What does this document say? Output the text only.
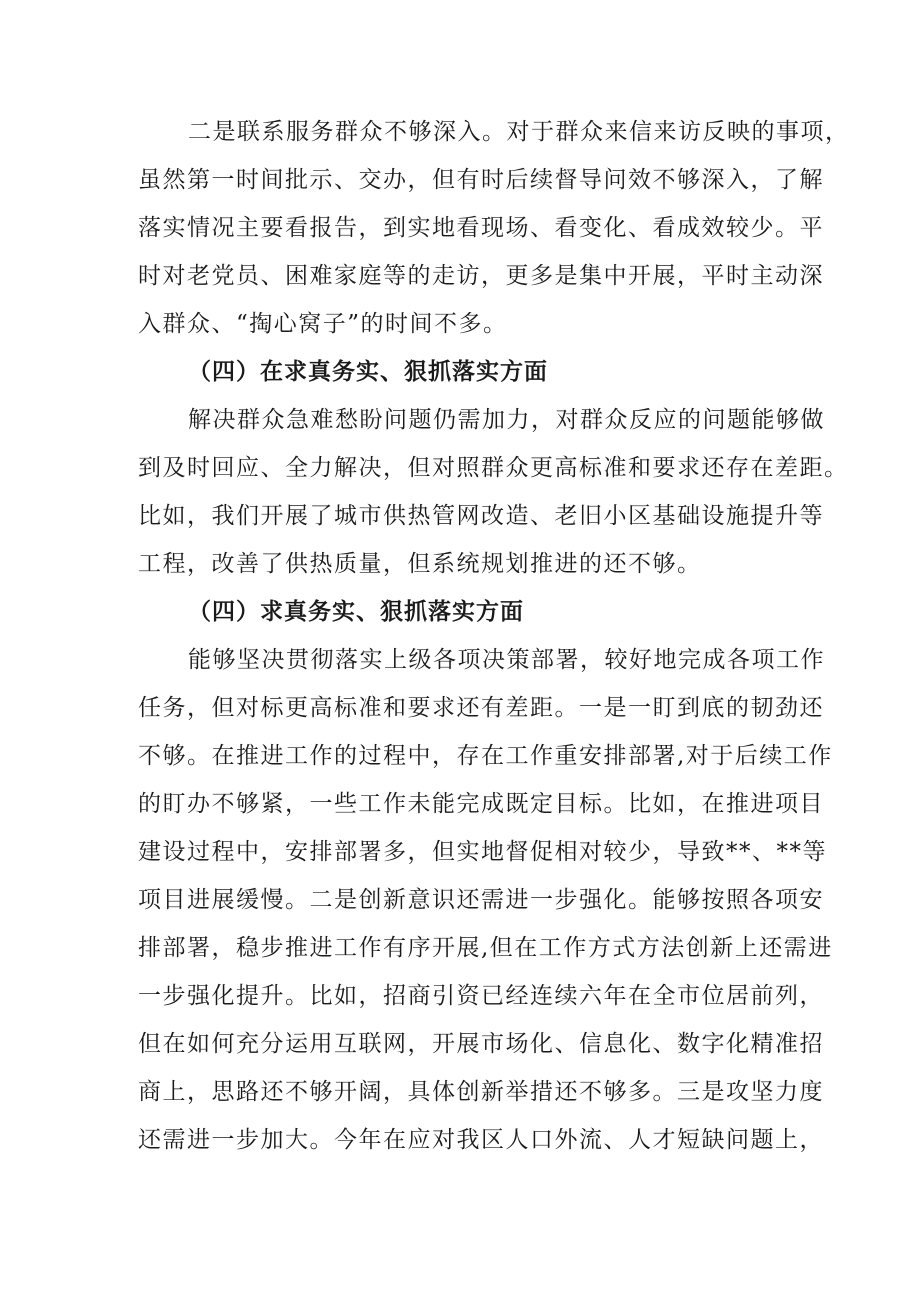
二是联系服务群众不够深入。对于群众来信来访反映的事项，
虽然第一时间批示、交办，但有时后续督导问效不够深入，了解
落实情况主要看报告，到实地看现场、看变化、看成效较少。平
时对老党员、困难家庭等的走访，更多是集中开展，平时主动深
入群众、“掏心窝子”的时间不多。
（四）在求真务实、狠抓落实方面
解决群众急难愁盼问题仍需加力，对群众反应的问题能够做
到及时回应、全力解决，但对照群众更高标准和要求还存在差距。
比如，我们开展了城市供热管网改造、老旧小区基础设施提升等
工程，改善了供热质量，但系统规划推进的还不够。
（四）求真务实、狠抓落实方面
能够坚决贯彻落实上级各项决策部署，较好地完成各项工作
任务，但对标更高标准和要求还有差距。一是一盯到底的韧劲还
不够。在推进工作的过程中，存在工作重安排部署,对于后续工作
的盯办不够紧，一些工作未能完成既定目标。比如，在推进项目
建设过程中，安排部署多，但实地督促相对较少，导致**、**等
项目进展缓慢。二是创新意识还需进一步强化。能够按照各项安
排部署，稳步推进工作有序开展,但在工作方式方法创新上还需进
一步强化提升。比如，招商引资已经连续六年在全市位居前列，
但在如何充分运用互联网，开展市场化、信息化、数字化精准招
商上，思路还不够开阔，具体创新举措还不够多。三是攻坚力度
还需进一步加大。今年在应对我区人口外流、人才短缺问题上，
